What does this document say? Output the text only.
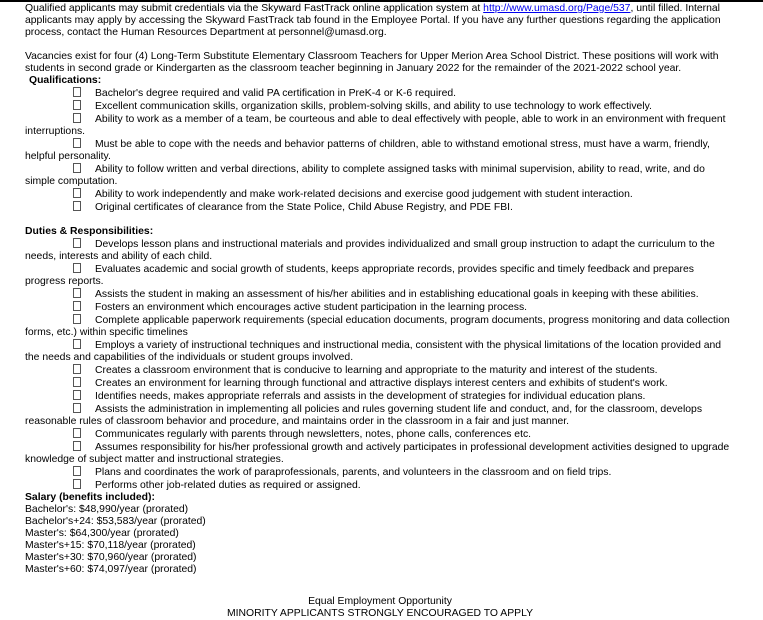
Qualified applicants may submit credentials via the Skyward FastTrack online application system at http://www.umasd.org/Page/537, until filled. Internal applicants may apply by accessing the Skyward FastTrack tab found in the Employee Portal. If you have any further questions regarding the application process, contact the Human Resources Department at personnel@umasd.org.

Vacancies exist for four (4) Long-Term Substitute Elementary Classroom Teachers for Upper Merion Area School District. These positions will work with students in second grade or Kindergarten as the classroom teacher beginning in January 2022 for the remainder of the 2021-2022 school year.

Qualifications:

Bachelor's degree required and valid PA certification in PreK-4 or K-6 required.

Excellent communication skills, organization skills, problem-solving skills, and ability to use technology to work effectively.

Ability to work as a member of a team, be courteous and able to deal effectively with people, able to work in an environment with frequent interruptions.

Must be able to cope with the needs and behavior patterns of children, able to withstand emotional stress, must have a warm, friendly, helpful personality.

Ability to follow written and verbal directions, ability to complete assigned tasks with minimal supervision, ability to read, write, and do simple computation.

Ability to work independently and make work-related decisions and exercise good judgement with student interaction.

Original certificates of clearance from the State Police, Child Abuse Registry, and PDE FBI.

Duties & Responsibilities:

Develops lesson plans and instructional materials and provides individualized and small group instruction to adapt the curriculum to the needs, interests and ability of each child.

Evaluates academic and social growth of students, keeps appropriate records, provides specific and timely feedback and prepares progress reports.

Assists the student in making an assessment of his/her abilities and in establishing educational goals in keeping with these abilities.

Fosters an environment which encourages active student participation in the learning process.

Complete applicable paperwork requirements (special education documents, program documents, progress monitoring and data collection forms, etc.) within specific timelines

Employs a variety of instructional techniques and instructional media, consistent with the physical limitations of the location provided and the needs and capabilities of the individuals or student groups involved.

Creates a classroom environment that is conducive to learning and appropriate to the maturity and interest of the students.

Creates an environment for learning through functional and attractive displays interest centers and exhibits of student's work.

Identifies needs, makes appropriate referrals and assists in the development of strategies for individual education plans.

Assists the administration in implementing all policies and rules governing student life and conduct, and, for the classroom, develops reasonable rules of classroom behavior and procedure, and maintains order in the classroom in a fair and just manner.

Communicates regularly with parents through newsletters, notes, phone calls, conferences etc.

Assumes responsibility for his/her professional growth and actively participates in professional development activities designed to upgrade knowledge of subject matter and instructional strategies.

Plans and coordinates the work of paraprofessionals, parents, and volunteers in the classroom and on field trips.

Performs other job-related duties as required or assigned.

Salary (benefits included):

Bachelor's: $48,990/year (prorated)

Bachelor's+24: $53,583/year (prorated)

Master's: $64,300/year (prorated)

Master's+15: $70,118/year (prorated)

Master's+30: $70,960/year (prorated)

Master's+60: $74,097/year (prorated)

Equal Employment Opportunity

MINORITY APPLICANTS STRONGLY ENCOURAGED TO APPLY
